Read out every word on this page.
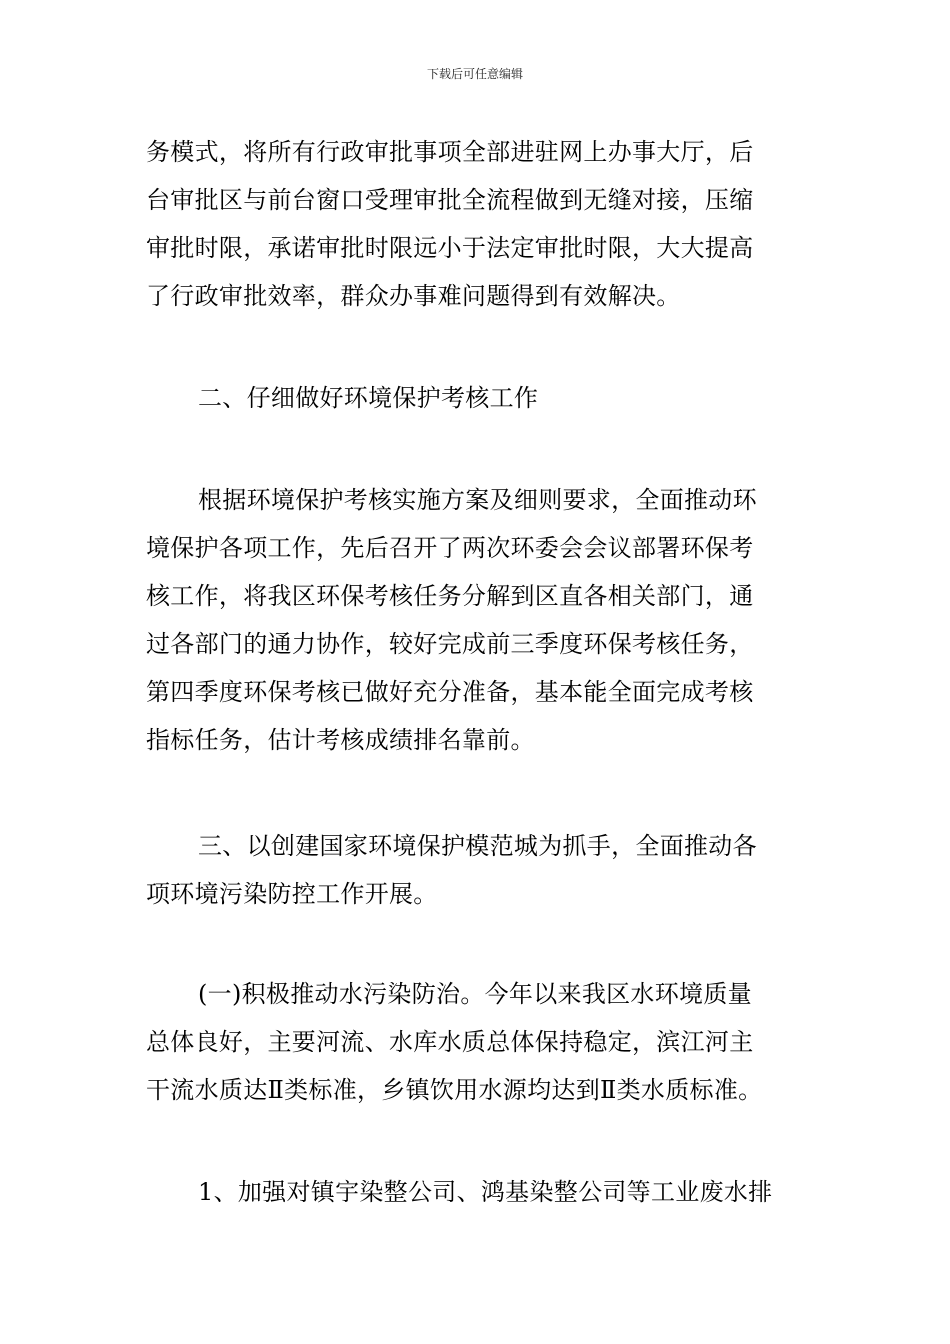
下载后可任意编辑
务模式，将所有行政审批事项全部进驻网上办事大厅，后
台审批区与前台窗口受理审批全流程做到无缝对接，压缩
审批时限，承诺审批时限远小于法定审批时限，大大提高
了行政审批效率，群众办事难问题得到有效解决。
二、仔细做好环境保护考核工作
根据环境保护考核实施方案及细则要求，全面推动环
境保护各项工作，先后召开了两次环委会会议部署环保考
核工作，将我区环保考核任务分解到区直各相关部门，通
过各部门的通力协作，较好完成前三季度环保考核任务，
第四季度环保考核已做好充分准备，基本能全面完成考核
指标任务，估计考核成绩排名靠前。
三、以创建国家环境保护模范城为抓手，全面推动各
项环境污染防控工作开展。
(一)积极推动水污染防治。今年以来我区水环境质量
总体良好，主要河流、水库水质总体保持稳定，滨江河主
干流水质达Ⅱ类标准，乡镇饮用水源均达到Ⅱ类水质标准。
1、加强对镇宇染整公司、鸿基染整公司等工业废水排
